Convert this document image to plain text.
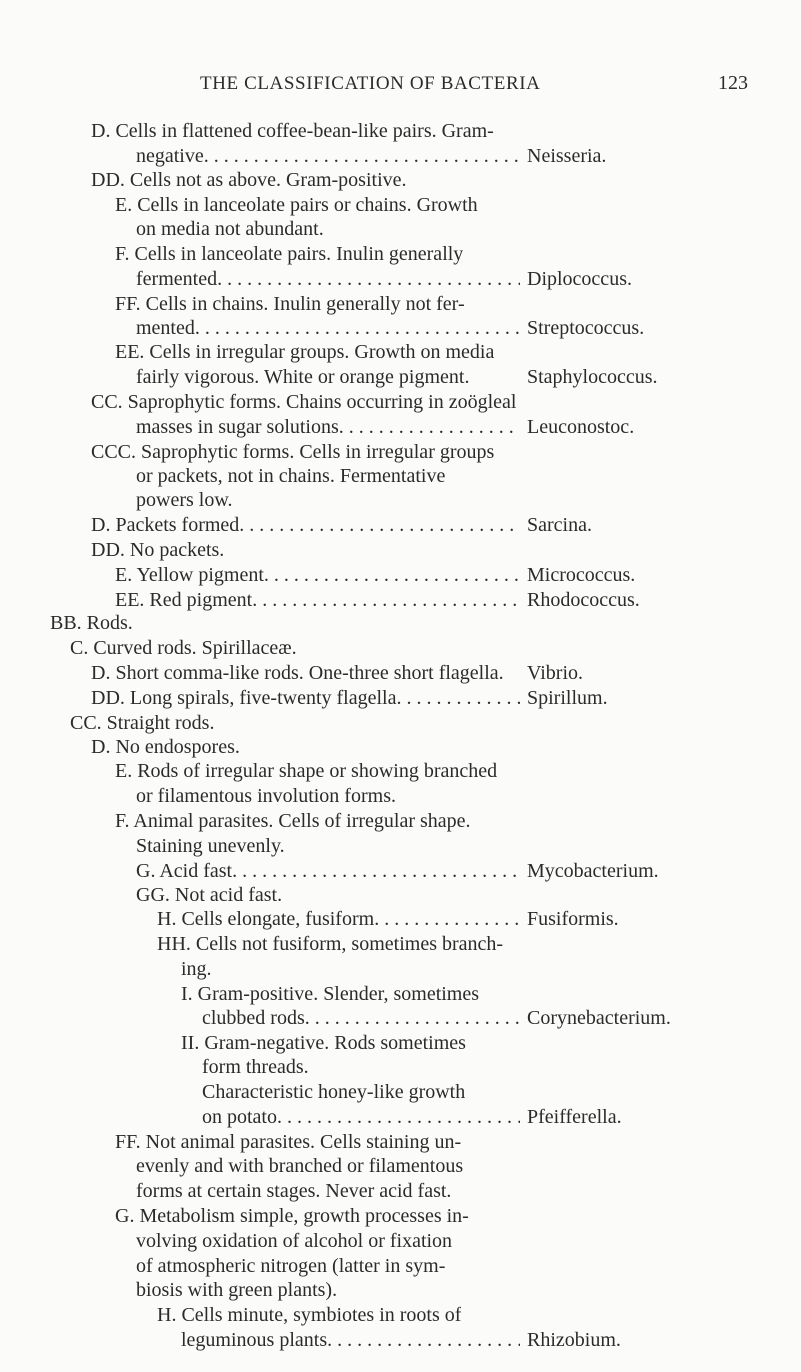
THE CLASSIFICATION OF BACTERIA	123
D. Cells in flattened coffee-bean-like pairs. Gram-
negative . . .	Neisseria.
DD. Cells not as above. Gram-positive.
E. Cells in lanceolate pairs or chains. Growth
on media not abundant.
F. Cells in lanceolate pairs. Inulin generally
fermented . . .	Diplococcus.
FF. Cells in chains. Inulin generally not fer-
mented . . .	Streptococcus.
EE. Cells in irregular groups. Growth on media
fairly vigorous. White or orange pigment.	Staphylococcus.
CC. Saprophytic forms. Chains occurring in zoögleal
masses in sugar solutions . . .	Leuconostoc.
CCC. Saprophytic forms. Cells in irregular groups
or packets, not in chains. Fermentative
powers low.
D. Packets formed . . .	Sarcina.
DD. No packets.
E. Yellow pigment . . .	Micrococcus.
EE. Red pigment . . .	Rhodococcus.
BB. Rods.
C. Curved rods. Spirillaceæ.
D. Short comma-like rods. One-three short flagella. Vibrio.
DD. Long spirals, five-twenty flagella . . .	Spirillum.
CC. Straight rods.
D. No endospores.
E. Rods of irregular shape or showing branched
or filamentous involution forms.
F. Animal parasites. Cells of irregular shape.
Staining unevenly.
G. Acid fast . . .	Mycobacterium.
GG. Not acid fast.
H. Cells elongate, fusiform . . .	Fusiformis.
HH. Cells not fusiform, sometimes branch-
ing.
I. Gram-positive. Slender, sometimes
clubbed rods . . .	Corynebacterium.
II. Gram-negative. Rods sometimes
form threads.
Characteristic honey-like growth
on potato . . .	Pfeifferella.
FF. Not animal parasites. Cells staining un-
evenly and with branched or filamentous
forms at certain stages. Never acid fast.
G. Metabolism simple, growth processes in-
volving oxidation of alcohol or fixation
of atmospheric nitrogen (latter in sym-
biosis with green plants).
H. Cells minute, symbiotes in roots of
leguminous plants . . .	Rhizobium.
